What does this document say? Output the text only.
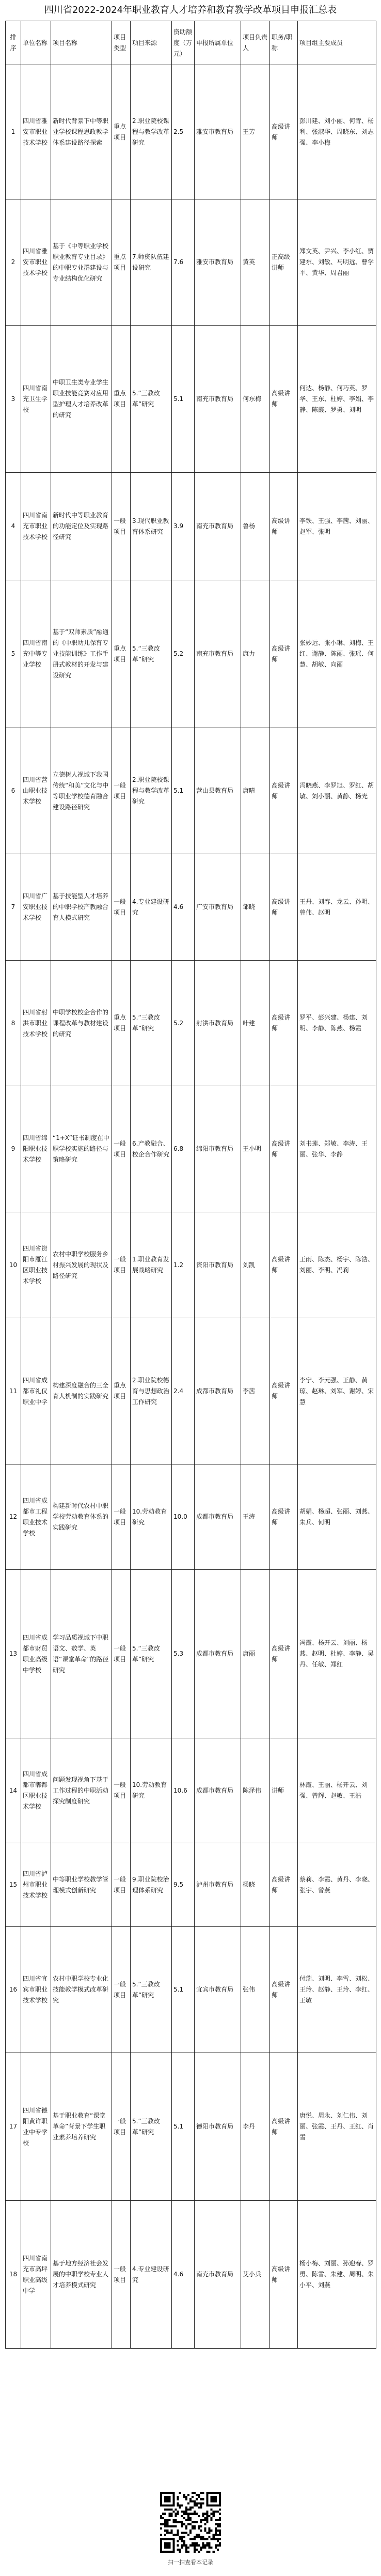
四川省2022-2024年职业教育人才培养和教育教学改革项目申报汇总表
排序	单位名称	项目名称	项目类型	项目来源	资助额度（万元）	申报所属单位	项目负责人	职务/职称	项目组主要成员
1	四川省雅安市职业技术学校	新时代背景下中等职业学校课程思政教学体系建设路径探索	重点项目	2.职业院校课程与教学改革研究	2.5	雅安市教育局	王芳	高级讲师	彭川建、刘小丽、何青、杨利、张淑华、周晓东、刘志强、李小梅
2	四川省雅安市职业技术学校	基于《中等职业学校职业教育专业目录》的中职专业群建设与专业结构优化研究	重点项目	7.师资队伍建设研究	7.6	雅安市教育局	黄英	正高级讲师	郑文英、尹兴、李小红、贾建东、刘敏、马明远、曹学平、黄华、周君丽
3	四川省南充卫生学校	中职卫生类专业学生职业技能竞赛对应用型护理人才培养改革的研究	重点项目	5.“三教改革”研究	5.1	南充市教育局	何东梅	高级讲师	何达、杨静、何巧英、罗华、王东、杜婷、李娟、李静、陈霞、罗勇、刘明
4	四川省南充市职业技术学校	新时代中等职业教育的功能定位及实现路径研究	一般项目	3.现代职业教育体系研究	3.9	南充市教育局	鲁杨	高级讲师	李铁、王强、李茜、刘丽、赵军、张明
5	四川省南充中等专业学校	基于“双师素质”融通的《中职幼儿保育专业技能训练》工作手册式教材的开发与建设研究	重点项目	5.“三教改革”研究	5.2	南充市教育局	康力	高级讲师	张妙远、张小琳、刘梅、王红、谢静、陈丽、张瑶、何慧、胡敏、向丽
6	四川省营山职业技术学校	立德树人视域下我国传统“和美”文化与中等职业学校德育融合建设路径研究	一般项目	2.职业院校课程与教学改革研究	5.1	营山县教育局	唐晴	高级讲师	冯晓燕、李罗旭、罗红、胡敏、刘小丽、黄静、杨光
7	四川省广安职业技术学校	基于技能型人才培养的中职学校产教融合育人模式研究	一般项目	4.专业建设研究	4.6	广安市教育局	邹晓	高级讲师	王丹、刘春、龙云、孙明、曾伟、赵明
8	四川省射洪市职业技术学校	中职学校校企合作的课程改革与教材建设的研究	重点项目	5.“三教改革”研究	5.2	射洪市教育局	叶建	高级讲师	罗平、彭兴建、杨建、刘明、李静、陈燕、杨霞
9	四川省绵阳职业技术学校	“1+X”证书制度在中职学校实施的路径与策略研究	一般项目	6.产教融合、校企合作研究	6.8	绵阳市教育局	王小明	高级讲师	刘书莲、郑敏、李涛、王丽、张华、李静
10	四川省资阳市雁江区职业技术学校	农村中职学校服务乡村振兴发展的现状及路径研究	一般项目	1.职业教育发展战略研究	1.2	资阳市教育局	刘凯	高级讲师	王雨、陈杰、杨宇、陈浩、刘丽、李明、冯莉
11	四川省成都市礼仪职业中学	构建深度融合的三全育人机制的实践研究	重点项目	2.职业院校德育与思想政治工作研究	2.4	成都市教育局	李茜	高级讲师	李宁、李元强、王静、黄琼、赵琳、刘军、谢婷、宋慧
12	四川省成都市工程职业技术学校	构建新时代农村中职学校劳动教育体系的实践研究	一般项目	10.劳动教育研究	10.0	成都市教育局	王涛	高级讲师	胡娟、杨超、张丽、刘燕、朱兵、何明
13	四川省成都市财贸职业高级中学校	学习品质视域下中职语文、数学、英语“课堂革命”的路径研究	一般项目	5.“三教改革”研究	5.3	成都市教育局	唐丽	高级讲师	冯霞、杨开云、刘丽、杨燕、赵明、杜婷、李静、吴丹、任敏、郑红
14	四川省成都市郫都区职业技术学校	问题发现视角下基于工作过程的中职活动探究制度研究	一般项目	10.劳动教育研究	10.6	成都市教育局	陈泽伟	讲师	林霞、王丽、杨开云、刘强、曾辉、赵敏、王浩
15	四川省泸州市职业技术学校	中等职业学校教学管理模式创新研究	一般项目	9.职业院校治理体系研究	9.5	泸州市教育局	杨晓	高级讲师	蔡莉、李霞、黄丹、李晓、张宇、曾燕
16	四川省宜宾市职业技术学校	农村中职学校专业化技能教学模式改革研究	一般项目	5.“三教改革”研究	5.1	宜宾市教育局	张伟	高级讲师	付瑞、刘明、李雪、刘松、王玲、赵静、王玲、李红、王敏
17	四川省德阳黄许职业中专学校	基于职业教育“课堂革命”背景下学生职业素养培养研究	一般项目	5.“三教改革”研究	5.1	德阳市教育局	李丹	高级讲师	唐悦、周永、刘仁伟、刘丽、张霞、王丹、王红、肖雪
18	四川省南充市高坪职业高级中学	基于地方经济社会发展的中职学校专业人才培养模式研究	一般项目	4.专业建设研究	4.6	南充市教育局	艾小兵	高级讲师	杨小梅、刘丽、孙迎春、罗勇、陈雪、朱建、周明、朱小平、刘燕
扫一扫查看本记录
